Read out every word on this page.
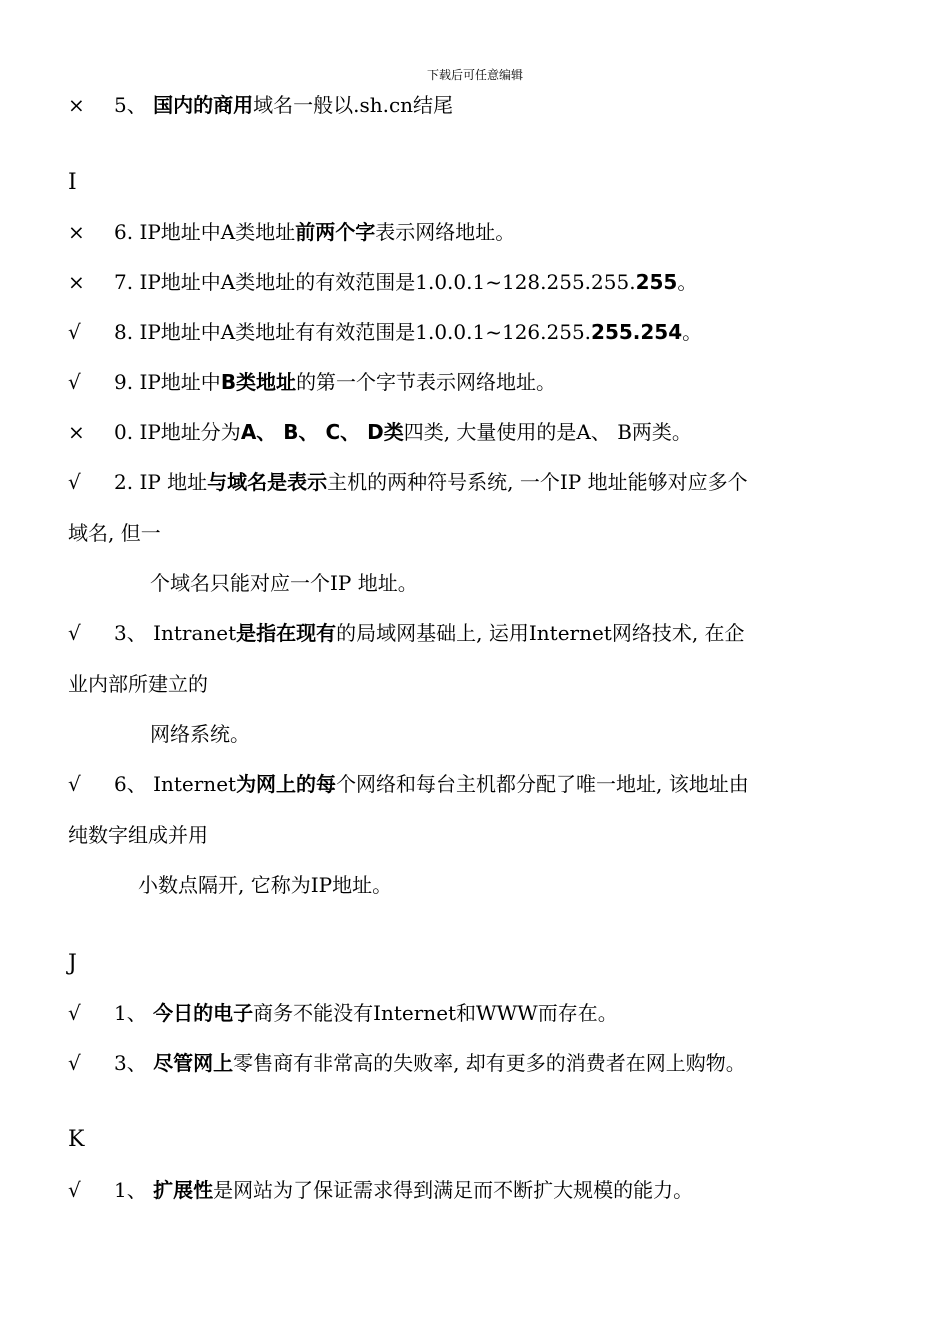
下载后可任意编辑
× 5、 国内的商用域名一般以.sh.cn结尾
I
× 6. IP地址中A类地址前两个字表示网络地址。
× 7. IP地址中A类地址的有效范围是1.0.0.1~128.255.255.255。
√ 8. IP地址中A类地址有有效范围是1.0.0.1~126.255.255.254。
√ 9. IP地址中B类地址的第一个字节表示网络地址。
× 0. IP地址分为A、 B、 C、 D类四类, 大量使用的是A、 B两类。
√ 2. IP 地址与域名是表示主机的两种符号系统, 一个IP 地址能够对应多个
域名, 但一
个域名只能对应一个IP 地址。
√ 3、 Intranet是指在现有的局域网基础上, 运用Internet网络技术, 在企
业内部所建立的
网络系统。
√ 6、 Internet为网上的每个网络和每台主机都分配了唯一地址, 该地址由
纯数字组成并用
小数点隔开, 它称为IP地址。
J
√ 1、 今日的电子商务不能没有Internet和WWW而存在。
√ 3、 尽管网上零售商有非常高的失败率, 却有更多的消费者在网上购物。
K
√ 1、 扩展性是网站为了保证需求得到满足而不断扩大规模的能力。
